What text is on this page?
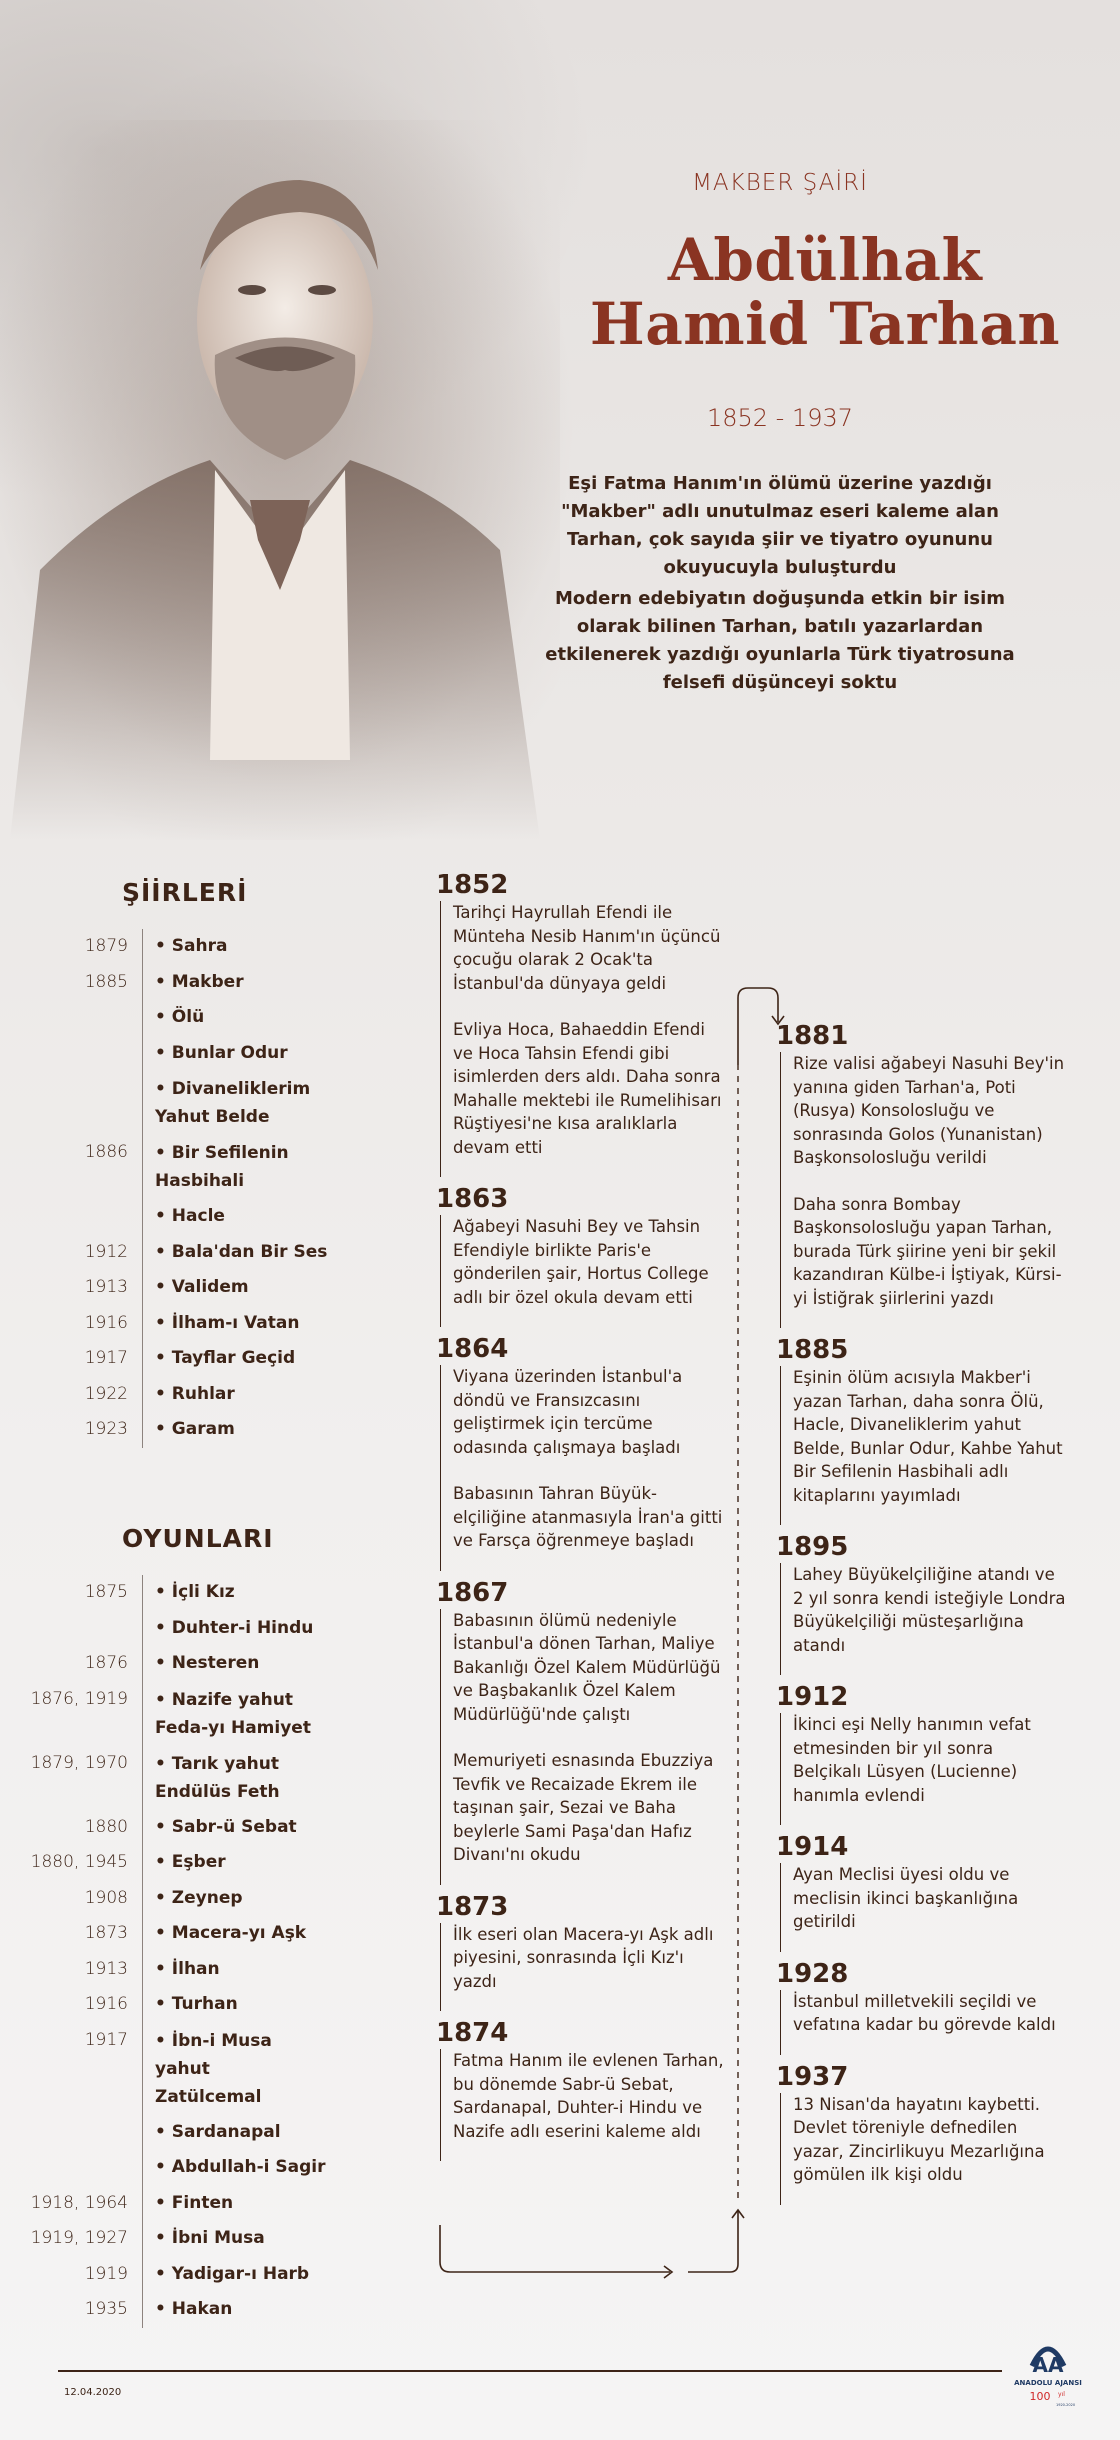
MAKBER ŞAİRİ
Abdülhak
Hamid Tarhan
1852 - 1937
Eşi Fatma Hanım'ın ölümü üzerine yazdığı "Makber" adlı unutulmaz eseri kaleme alan Tarhan, çok sayıda şiir ve tiyatro oyununu okuyucuyla buluşturdu
Modern edebiyatın doğuşunda etkin bir isim olarak bilinen Tarhan, batılı yazarlardan etkilenerek yazdığı oyunlarla Türk tiyatrosuna felsefi düşünceyi soktu
ŞİİRLERİ
1879	• Sahra
1885	• Makber
• Ölü
• Bunlar Odur
• Divaneliklerim Yahut Belde
1886	• Bir Sefilenin Hasbihali
• Hacle
1912	• Bala'dan Bir Ses
1913	• Validem
1916	• İlham-ı Vatan
1917	• Tayflar Geçid
1922	• Ruhlar
1923	• Garam
OYUNLARI
1875	• İçli Kız
• Duhter-i Hindu
1876	• Nesteren
1876, 1919	• Nazife yahut Feda-yı Hamiyet
1879, 1970	• Tarık yahut Endülüs Feth
1880	• Sabr-ü Sebat
1880, 1945	• Eşber
1908	• Zeynep
1873	• Macera-yı Aşk
1913	• İlhan
1916	• Turhan
1917	• İbn-i Musa yahut Zatülcemal
• Sardanapal
• Abdullah-i Sagir
1918, 1964	• Finten
1919, 1927	• İbni Musa
1919	• Yadigar-ı Harb
1935	• Hakan
1852

Tarihçi Hayrullah Efendi ile Münteha Nesib Hanım'ın üçüncü çocuğu olarak 2 Ocak'ta İstanbul'da dünyaya geldi

Evliya Hoca, Bahaeddin Efendi ve Hoca Tahsin Efendi gibi isimlerden ders aldı. Daha sonra Mahalle mektebi ile Rumelihisarı Rüştiyesi'ne kısa aralıklarla devam etti

1863

Ağabeyi Nasuhi Bey ve Tahsin Efendiyle birlikte Paris'e gönderilen şair, Hortus College adlı bir özel okula devam etti

1864

Viyana üzerinden İstanbul'a döndü ve Fransızcasını geliştirmek için tercüme odasında çalışmaya başladı

Babasının Tahran Büyük-elçiliğine atanmasıyla İran'a gitti ve Farsça öğrenmeye başladı

1867

Babasının ölümü nedeniyle İstanbul'a dönen Tarhan, Maliye Bakanlığı Özel Kalem Müdürlüğü ve Başbakanlık Özel Kalem Müdürlüğü'nde çalıştı

Memuriyeti esnasında Ebuzziya Tevfik ve Recaizade Ekrem ile taşınan şair, Sezai ve Baha beylerle Sami Paşa'dan Hafız Divanı'nı okudu

1873

İlk eseri olan Macera-yı Aşk adlı piyesini, sonrasında İçli Kız'ı yazdı

1874

Fatma Hanım ile evlenen Tarhan, bu dönemde Sabr-ü Sebat, Sardanapal, Duhter-i Hindu ve Nazife adlı eserini kaleme aldı

1881

Rize valisi ağabeyi Nasuhi Bey'in yanına giden Tarhan'a, Poti (Rusya) Konsolosluğu ve sonrasında Golos (Yunanistan) Başkonsolosluğu verildi

Daha sonra Bombay Başkonsolosluğu yapan Tarhan, burada Türk şiirine yeni bir şekil kazandıran Külbe-i İştiyak, Kürsi-yi İstiğrak şiirlerini yazdı

1885

Eşinin ölüm acısıyla Makber'i yazan Tarhan, daha sonra Ölü, Hacle, Divaneliklerim yahut Belde, Bunlar Odur, Kahbe Yahut Bir Sefilenin Hasbihali adlı kitaplarını yayımladı

1895

Lahey Büyükelçiliğine atandı ve 2 yıl sonra kendi isteğiyle Londra Büyükelçiliği müsteşarlığına atandı

1912

İkinci eşi Nelly hanımın vefat etmesinden bir yıl sonra Belçikalı Lüsyen (Lucienne) hanımla evlendi

1914

Ayan Meclisi üyesi oldu ve meclisin ikinci başkanlığına getirildi

1928

İstanbul milletvekili seçildi ve vefatına kadar bu görevde kaldı

1937

13 Nisan'da hayatını kaybetti. Devlet töreniyle defnedilen yazar, Zincirlikuyu Mezarlığına gömülen ilk kişi oldu

12.04.2020
AA
ANADOLU AJANSI
100 yıl
1920-2020
